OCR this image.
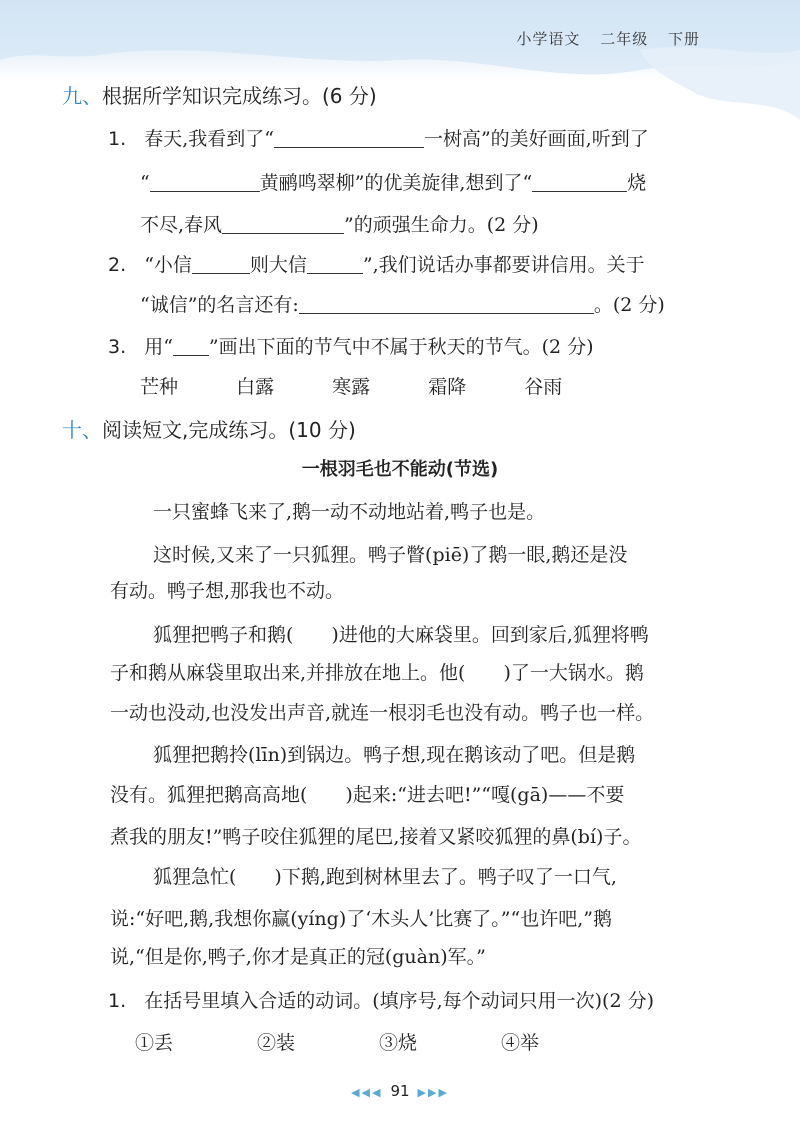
小学语文 二年级 下册
九、根据所学知识完成练习。(6 分)
1. 春天,我看到了“	一树高”的美好画面,听到了
“	黄鹂鸣翠柳”的优美旋律,想到了“	烧
不尽,春风	”的顽强生命力。(2 分)
2. “小信	则大信	”,我们说话办事都要讲信用。关于
“诚信”的名言还有:	。(2 分)
3. 用“ ”画出下面的节气中不属于秋天的节气。(2 分)
芒种	白露	寒露	霜降	谷雨
十、阅读短文,完成练习。(10 分)
一根羽毛也不能动(节选)
一只蜜蜂飞来了,鹅一动不动地站着,鸭子也是。
这时候,又来了一只狐狸。鸭子瞥(piē)了鹅一眼,鹅还是没
有动。鸭子想,那我也不动。
狐狸把鸭子和鹅(　　)进他的大麻袋里。回到家后,狐狸将鸭
子和鹅从麻袋里取出来,并排放在地上。他(　　)了一大锅水。鹅
一动也没动,也没发出声音,就连一根羽毛也没有动。鸭子也一样。
狐狸把鹅拎(līn)到锅边。鸭子想,现在鹅该动了吧。但是鹅
没有。狐狸把鹅高高地(　　)起来:“进去吧!”“嘎(gā)——不要
煮我的朋友!”鸭子咬住狐狸的尾巴,接着又紧咬狐狸的鼻(bí)子。
狐狸急忙(　　)下鹅,跑到树林里去了。鸭子叹了一口气,
说:“好吧,鹅,我想你赢(yíng)了‘木头人’比赛了。”“也许吧,”鹅
说,“但是你,鸭子,你才是真正的冠(guàn)军。”
1. 在括号里填入合适的动词。(填序号,每个动词只用一次)(2 分)
①丢	②装	③烧	④举
◀◀◀ 91 ▶▶▶
